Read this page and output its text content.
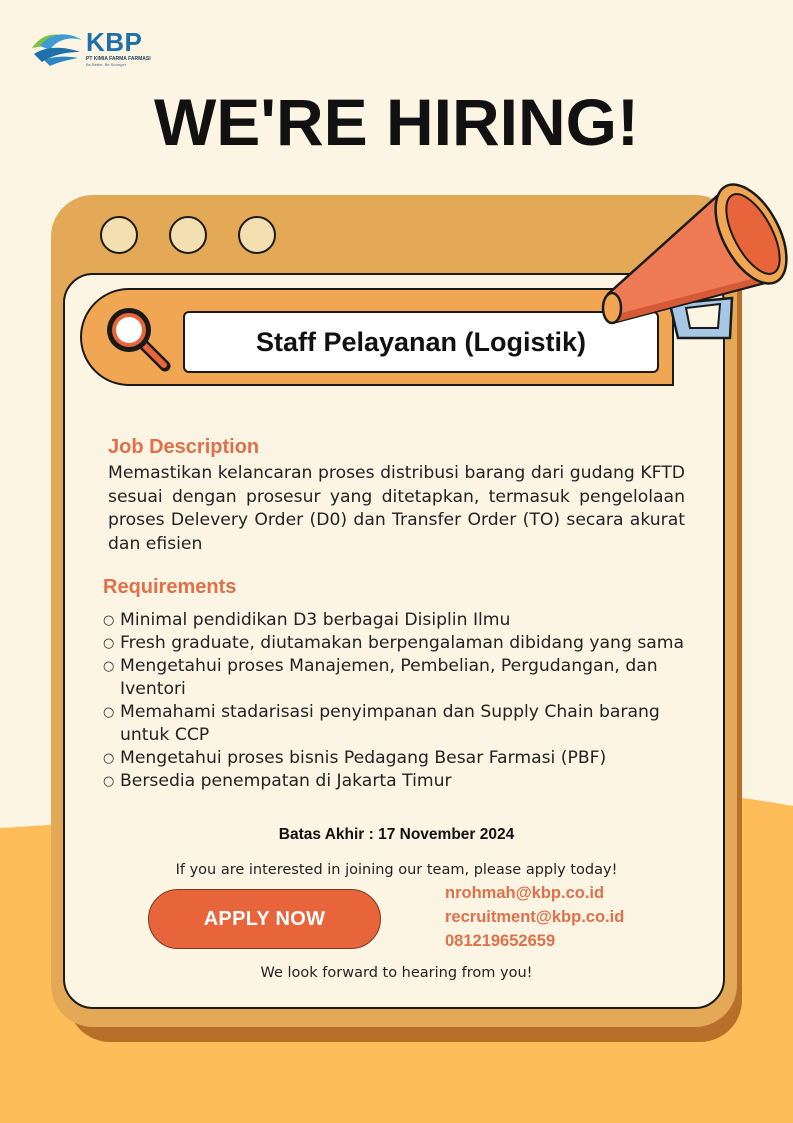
KBP
PT KIMIA FARMA FARMASI
Be Better, Be Stronger
WE'RE HIRING!
Staff Pelayanan (Logistik)
Job Description

Memastikan kelancaran proses distribusi barang dari gudang KFTD sesuai dengan prosesur yang ditetapkan, termasuk pengelolaan proses Delevery Order (D0) dan Transfer Order (TO) secara akurat dan efisien

Requirements
○ Minimal pendidikan D3 berbagai Disiplin Ilmu
○ Fresh graduate, diutamakan berpengalaman dibidang yang sama
○ Mengetahui proses Manajemen, Pembelian, Pergudangan, dan Iventori
○ Memahami stadarisasi penyimpanan dan Supply Chain barang untuk CCP
○ Mengetahui proses bisnis Pedagang Besar Farmasi (PBF)
○ Bersedia penempatan di Jakarta Timur
Batas Akhir : 17 November 2024
If you are interested in joining our team, please apply today!
APPLY NOW
nrohmah@kbp.co.id
recruitment@kbp.co.id
081219652659
We look forward to hearing from you!
